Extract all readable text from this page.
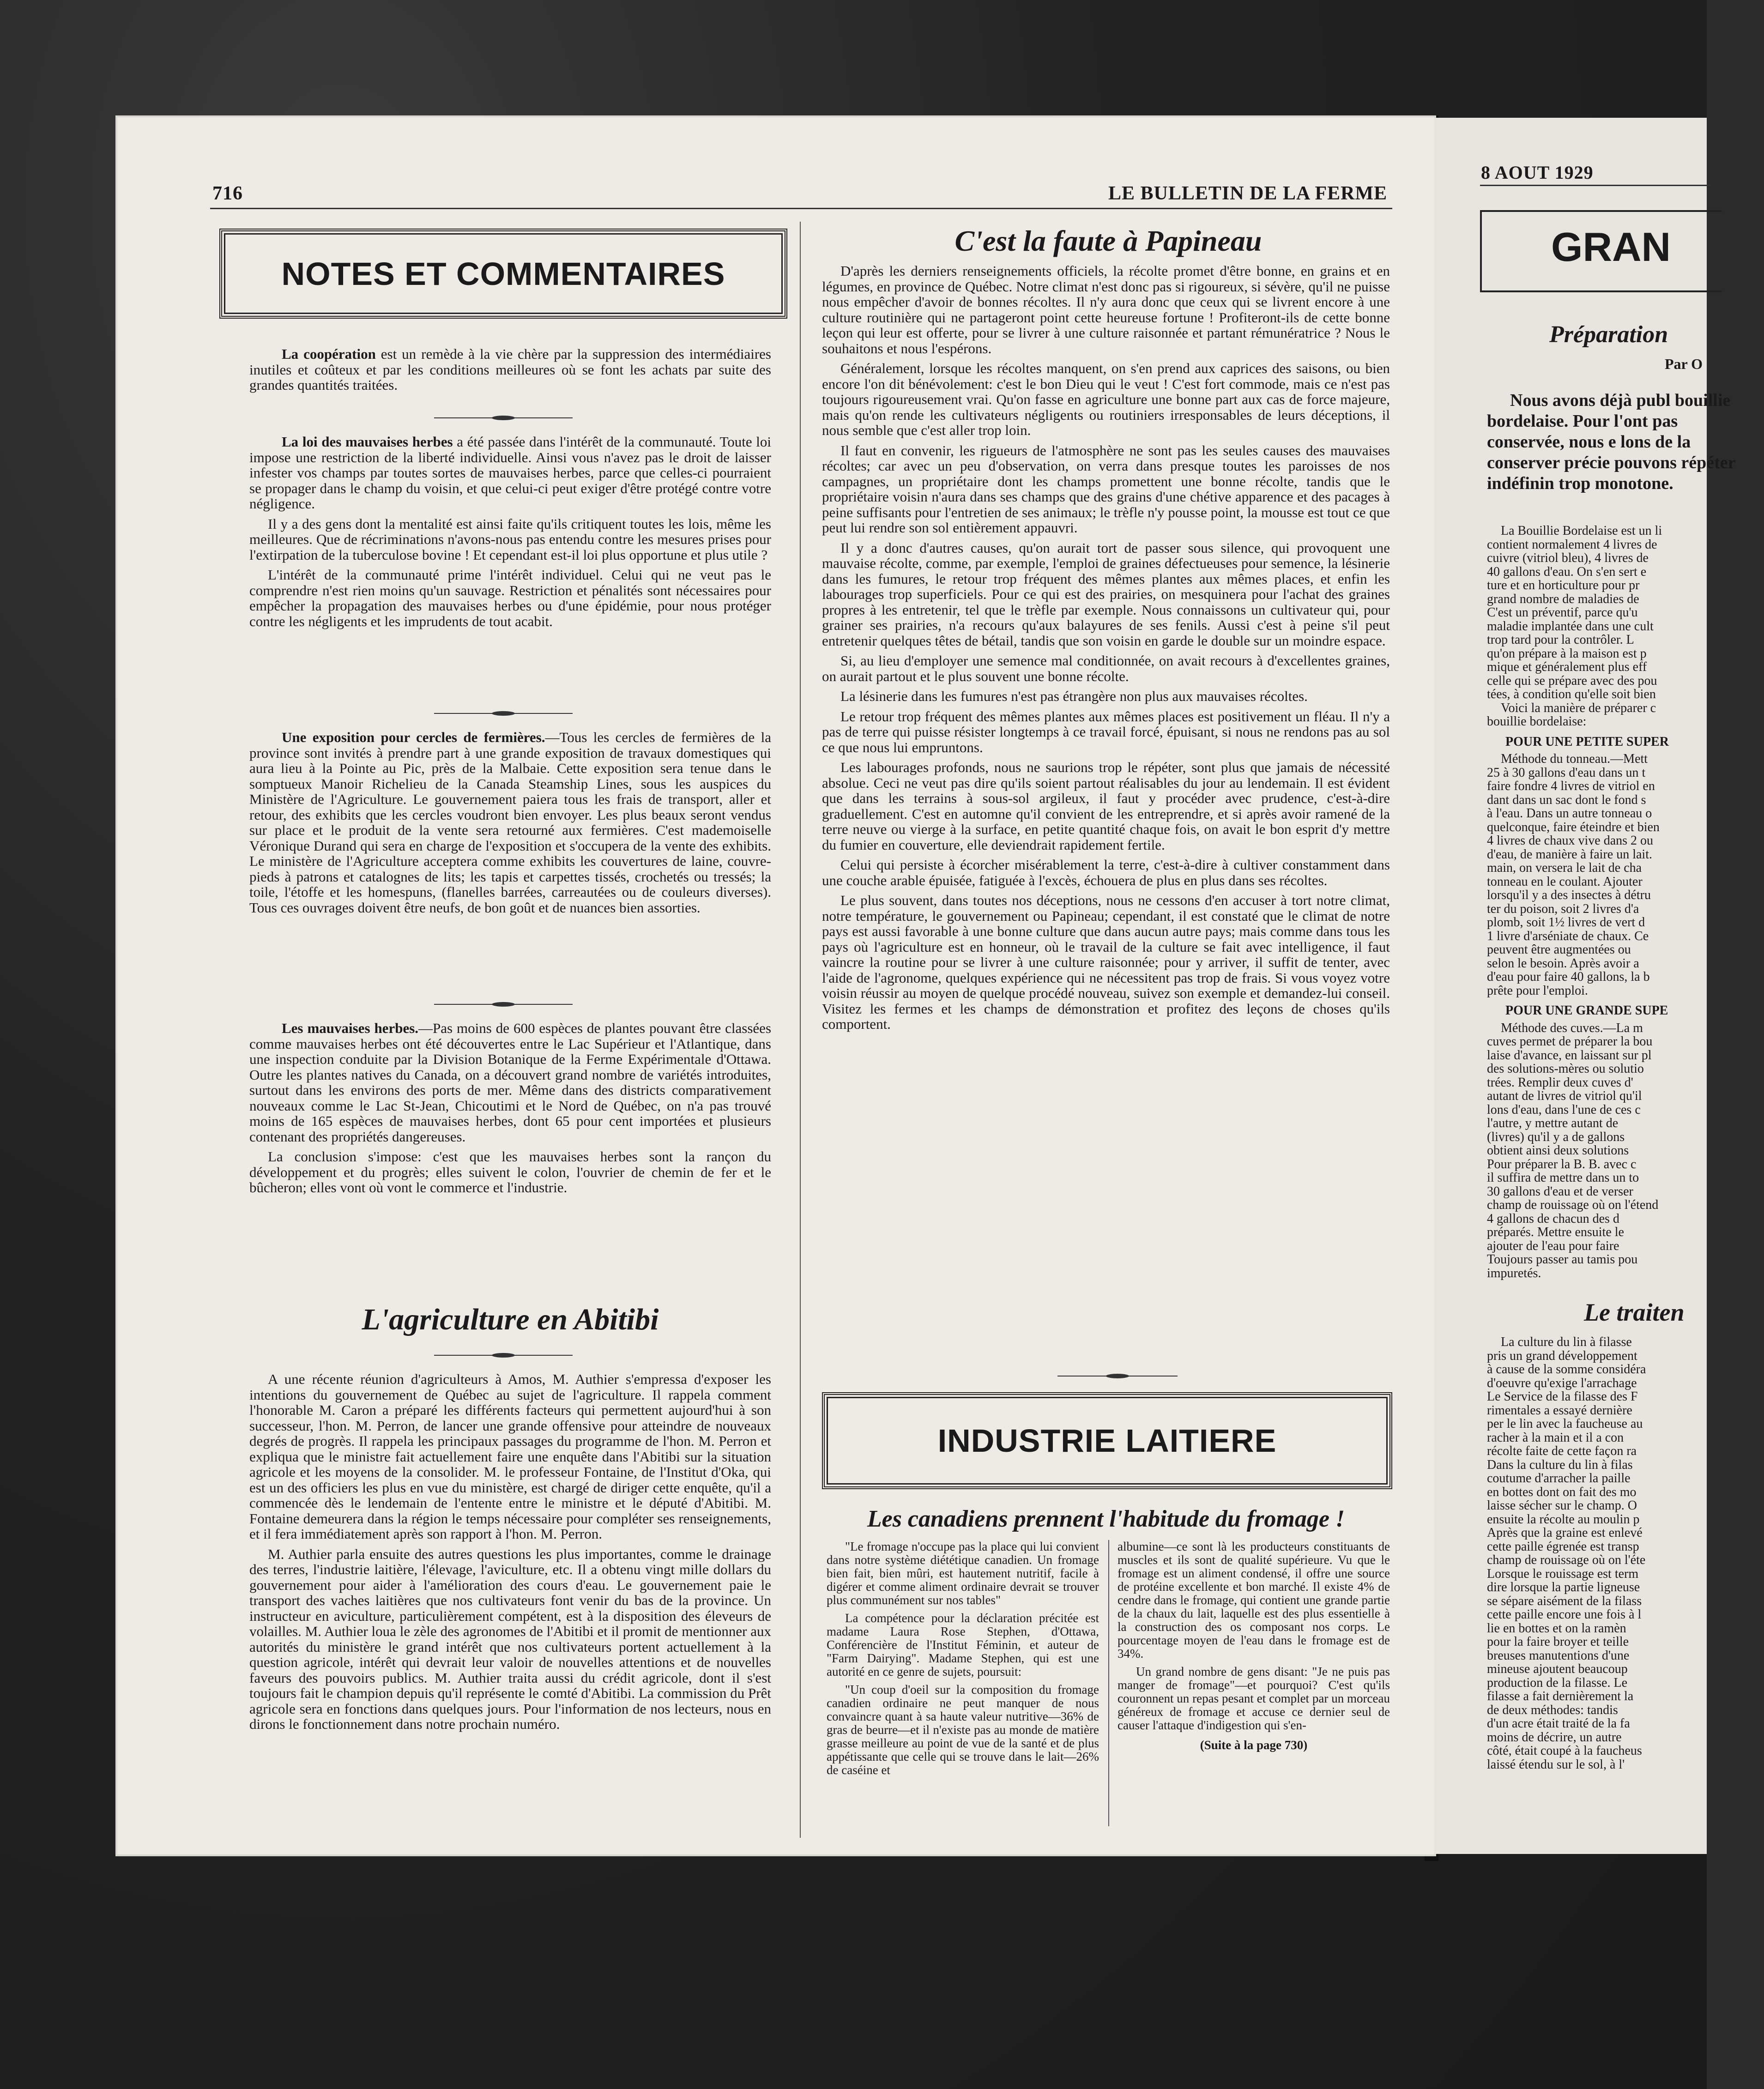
716	LE BULLETIN DE LA FERME
NOTES ET COMMENTAIRES

La coopération est un remède à la vie chère par la suppression des intermédiaires inutiles et coûteux et par les conditions meilleures où se font les achats par suite des grandes quantités traitées.

La loi des mauvaises herbes a été passée dans l'intérêt de la communauté. Toute loi impose une restriction de la liberté individuelle. Ainsi vous n'avez pas le droit de laisser infester vos champs par toutes sortes de mauvaises herbes, parce que celles-ci pourraient se propager dans le champ du voisin, et que celui-ci peut exiger d'être protégé contre votre négligence.

Il y a des gens dont la mentalité est ainsi faite qu'ils critiquent toutes les lois, même les meilleures. Que de récriminations n'avons-nous pas entendu contre les mesures prises pour l'extirpation de la tuberculose bovine ! Et cependant est-il loi plus opportune et plus utile ?

L'intérêt de la communauté prime l'intérêt individuel. Celui qui ne veut pas le comprendre n'est rien moins qu'un sauvage. Restriction et pénalités sont nécessaires pour empêcher la propagation des mauvaises herbes ou d'une épidémie, pour nous protéger contre les négligents et les imprudents de tout acabit.

Une exposition pour cercles de fermières.—Tous les cercles de fermières de la province sont invités à prendre part à une grande exposition de travaux domestiques qui aura lieu à la Pointe au Pic, près de la Malbaie. Cette exposition sera tenue dans le somptueux Manoir Richelieu de la Canada Steamship Lines, sous les auspices du Ministère de l'Agriculture. Le gouvernement paiera tous les frais de transport, aller et retour, des exhibits que les cercles voudront bien envoyer. Les plus beaux seront vendus sur place et le produit de la vente sera retourné aux fermières. C'est mademoiselle Véronique Durand qui sera en charge de l'exposition et s'occupera de la vente des exhibits. Le ministère de l'Agriculture acceptera comme exhibits les couvertures de laine, couvre-pieds à patrons et catalognes de lits; les tapis et carpettes tissés, crochetés ou tressés; la toile, l'étoffe et les homespuns, (flanelles barrées, carreautées ou de couleurs diverses). Tous ces ouvrages doivent être neufs, de bon goût et de nuances bien assorties.

Les mauvaises herbes.—Pas moins de 600 espèces de plantes pouvant être classées comme mauvaises herbes ont été découvertes entre le Lac Supérieur et l'Atlantique, dans une inspection conduite par la Division Botanique de la Ferme Expérimentale d'Ottawa. Outre les plantes natives du Canada, on a découvert grand nombre de variétés introduites, surtout dans les environs des ports de mer. Même dans des districts comparativement nouveaux comme le Lac St-Jean, Chicoutimi et le Nord de Québec, on n'a pas trouvé moins de 165 espèces de mauvaises herbes, dont 65 pour cent importées et plusieurs contenant des propriétés dangereuses.

La conclusion s'impose: c'est que les mauvaises herbes sont la rançon du développement et du progrès; elles suivent le colon, l'ouvrier de chemin de fer et le bûcheron; elles vont où vont le commerce et l'industrie.

L'agriculture en Abitibi

A une récente réunion d'agriculteurs à Amos, M. Authier s'empressa d'exposer les intentions du gouvernement de Québec au sujet de l'agriculture. Il rappela comment l'honorable M. Caron a préparé les différents facteurs qui permettent aujourd'hui à son successeur, l'hon. M. Perron, de lancer une grande offensive pour atteindre de nouveaux degrés de progrès. Il rappela les principaux passages du programme de l'hon. M. Perron et expliqua que le ministre fait actuellement faire une enquête dans l'Abitibi sur la situation agricole et les moyens de la consolider. M. le professeur Fontaine, de l'Institut d'Oka, qui est un des officiers les plus en vue du ministère, est chargé de diriger cette enquête, qu'il a commencée dès le lendemain de l'entente entre le ministre et le député d'Abitibi. M. Fontaine demeurera dans la région le temps nécessaire pour compléter ses renseignements, et il fera immédiatement après son rapport à l'hon. M. Perron.

M. Authier parla ensuite des autres questions les plus importantes, comme le drainage des terres, l'industrie laitière, l'élevage, l'aviculture, etc. Il a obtenu vingt mille dollars du gouvernement pour aider à l'amélioration des cours d'eau. Le gouvernement paie le transport des vaches laitières que nos cultivateurs font venir du bas de la province. Un instructeur en aviculture, particulièrement compétent, est à la disposition des éleveurs de volailles. M. Authier loua le zèle des agronomes de l'Abitibi et il promit de mentionner aux autorités du ministère le grand intérêt que nos cultivateurs portent actuellement à la question agricole, intérêt qui devrait leur valoir de nouvelles attentions et de nouvelles faveurs des pouvoirs publics. M. Authier traita aussi du crédit agricole, dont il s'est toujours fait le champion depuis qu'il représente le comté d'Abitibi. La commission du Prêt agricole sera en fonctions dans quelques jours. Pour l'information de nos lecteurs, nous en dirons le fonctionnement dans notre prochain numéro.

C'est la faute à Papineau

D'après les derniers renseignements officiels, la récolte promet d'être bonne, en grains et en légumes, en province de Québec. Notre climat n'est donc pas si rigoureux, si sévère, qu'il ne puisse nous empêcher d'avoir de bonnes récoltes. Il n'y aura donc que ceux qui se livrent encore à une culture routinière qui ne partageront point cette heureuse fortune ! Profiteront-ils de cette bonne leçon qui leur est offerte, pour se livrer à une culture raisonnée et partant rémunératrice ? Nous le souhaitons et nous l'espérons.

Généralement, lorsque les récoltes manquent, on s'en prend aux caprices des saisons, ou bien encore l'on dit bénévolement: c'est le bon Dieu qui le veut ! C'est fort commode, mais ce n'est pas toujours rigoureusement vrai. Qu'on fasse en agriculture une bonne part aux cas de force majeure, mais qu'on rende les cultivateurs négligents ou routiniers irresponsables de leurs déceptions, il nous semble que c'est aller trop loin.

Il faut en convenir, les rigueurs de l'atmosphère ne sont pas les seules causes des mauvaises récoltes; car avec un peu d'observation, on verra dans presque toutes les paroisses de nos campagnes, un propriétaire dont les champs promettent une bonne récolte, tandis que le propriétaire voisin n'aura dans ses champs que des grains d'une chétive apparence et des pacages à peine suffisants pour l'entretien de ses animaux; le trèfle n'y pousse point, la mousse est tout ce que peut lui rendre son sol entièrement appauvri.

Il y a donc d'autres causes, qu'on aurait tort de passer sous silence, qui provoquent une mauvaise récolte, comme, par exemple, l'emploi de graines défectueuses pour semence, la lésinerie dans les fumures, le retour trop fréquent des mêmes plantes aux mêmes places, et enfin les labourages trop superficiels. Pour ce qui est des prairies, on mesquinera pour l'achat des graines propres à les entretenir, tel que le trèfle par exemple. Nous connaissons un cultivateur qui, pour grainer ses prairies, n'a recours qu'aux balayures de ses fenils. Aussi c'est à peine s'il peut entretenir quelques têtes de bétail, tandis que son voisin en garde le double sur un moindre espace.

Si, au lieu d'employer une semence mal conditionnée, on avait recours à d'excellentes graines, on aurait partout et le plus souvent une bonne récolte.

La lésinerie dans les fumures n'est pas étrangère non plus aux mauvaises récoltes.

Le retour trop fréquent des mêmes plantes aux mêmes places est positivement un fléau. Il n'y a pas de terre qui puisse résister longtemps à ce travail forcé, épuisant, si nous ne rendons pas au sol ce que nous lui empruntons.

Les labourages profonds, nous ne saurions trop le répéter, sont plus que jamais de nécessité absolue. Ceci ne veut pas dire qu'ils soient partout réalisables du jour au lendemain. Il est évident que dans les terrains à sous-sol argileux, il faut y procéder avec prudence, c'est-à-dire graduellement. C'est en automne qu'il convient de les entreprendre, et si après avoir ramené de la terre neuve ou vierge à la surface, en petite quantité chaque fois, on avait le bon esprit d'y mettre du fumier en couverture, elle deviendrait rapidement fertile.

Celui qui persiste à écorcher misérablement la terre, c'est-à-dire à cultiver constamment dans une couche arable épuisée, fatiguée à l'excès, échouera de plus en plus dans ses récoltes.

Le plus souvent, dans toutes nos déceptions, nous ne cessons d'en accuser à tort notre climat, notre température, le gouvernement ou Papineau; cependant, il est constaté que le climat de notre pays est aussi favorable à une bonne culture que dans aucun autre pays; mais comme dans tous les pays où l'agriculture est en honneur, où le travail de la culture se fait avec intelligence, il faut vaincre la routine pour se livrer à une culture raisonnée; pour y arriver, il suffit de tenter, avec l'aide de l'agronome, quelques expérience qui ne nécessitent pas trop de frais. Si vous voyez votre voisin réussir au moyen de quelque procédé nouveau, suivez son exemple et demandez-lui conseil. Visitez les fermes et les champs de démonstration et profitez des leçons de choses qu'ils comportent.

INDUSTRIE LAITIERE
Les canadiens prennent l'habitude du fromage !

"Le fromage n'occupe pas la place qui lui convient dans notre système diététique canadien. Un fromage bien fait, bien mûri, est hautement nutritif, facile à digérer et comme aliment ordinaire devrait se trouver plus communément sur nos tables"

La compétence pour la déclaration précitée est madame Laura Rose Stephen, d'Ottawa, Conférencière de l'Institut Féminin, et auteur de "Farm Dairying". Madame Stephen, qui est une autorité en ce genre de sujets, poursuit:

"Un coup d'oeil sur la composition du fromage canadien ordinaire ne peut manquer de nous convaincre quant à sa haute valeur nutritive—36% de gras de beurre—et il n'existe pas au monde de matière grasse meilleure au point de vue de la santé et de plus appétissante que celle qui se trouve dans le lait—26% de caséine et

albumine—ce sont là les producteurs constituants de muscles et ils sont de qualité supérieure. Vu que le fromage est un aliment condensé, il offre une source de protéine excellente et bon marché. Il existe 4% de cendre dans le fromage, qui contient une grande partie de la chaux du lait, laquelle est des plus essentielle à la construction des os composant nos corps. Le pourcentage moyen de l'eau dans le fromage est de 34%.

Un grand nombre de gens disant: "Je ne puis pas manger de fromage"—et pourquoi? C'est qu'ils couronnent un repas pesant et complet par un morceau généreux de fromage et accuse ce dernier seul de causer l'attaque d'indigestion qui s'en-

(Suite à la page 730)

8 AOUT 1929
GRAN
Préparation
Par O
Nous avons déjà publ bouillie bordelaise. Pour l'ont pas conservée, nous e lons de la conserver précie pouvons répéter indéfinin trop monotone.
La Bouillie Bordelaise est un li
contient normalement 4 livres de
cuivre (vitriol bleu), 4 livres de
40 gallons d'eau. On s'en sert e
ture et en horticulture pour pr
grand nombre de maladies de
C'est un préventif, parce qu'u
maladie implantée dans une cult
trop tard pour la contrôler. L
qu'on prépare à la maison est p
mique et généralement plus eff
celle qui se prépare avec des pou
tées, à condition qu'elle soit bien
Voici la manière de préparer c
bouillie bordelaise:
POUR UNE PETITE SUPER
Méthode du tonneau.—Mett
25 à 30 gallons d'eau dans un t
faire fondre 4 livres de vitriol en
dant dans un sac dont le fond s
à l'eau. Dans un autre tonneau o
quelconque, faire éteindre et bien
4 livres de chaux vive dans 2 ou
d'eau, de manière à faire un lait.
main, on versera le lait de cha
tonneau en le coulant. Ajouter
lorsqu'il y a des insectes à détru
ter du poison, soit 2 livres d'a
plomb, soit 1½ livres de vert d
1 livre d'arséniate de chaux. Ce
peuvent être augmentées ou
selon le besoin. Après avoir a
d'eau pour faire 40 gallons, la b
prête pour l'emploi.
POUR UNE GRANDE SUPE
Méthode des cuves.—La m
cuves permet de préparer la bou
laise d'avance, en laissant sur pl
des solutions-mères ou solutio
trées. Remplir deux cuves d'
autant de livres de vitriol qu'il
lons d'eau, dans l'une de ces c
l'autre, y mettre autant de
(livres) qu'il y a de gallons
obtient ainsi deux solutions
Pour préparer la B. B. avec c
il suffira de mettre dans un to
30 gallons d'eau et de verser
champ de rouissage où on l'étend
4 gallons de chacun des d
préparés. Mettre ensuite le
ajouter de l'eau pour faire
Toujours passer au tamis pou
impuretés.
Le traiten
La culture du lin à filasse
pris un grand développement
à cause de la somme considéra
d'oeuvre qu'exige l'arrachage
Le Service de la filasse des F
rimentales a essayé dernière
per le lin avec la faucheuse au
racher à la main et il a con
récolte faite de cette façon ra
Dans la culture du lin à filas
coutume d'arracher la paille
en bottes dont on fait des mo
laisse sécher sur le champ. O
ensuite la récolte au moulin p
Après que la graine est enlevé
cette paille égrenée est transp
champ de rouissage où on l'éte
Lorsque le rouissage est term
dire lorsque la partie ligneuse
se sépare aisément de la filass
cette paille encore une fois à l
lie en bottes et on la ramèn
pour la faire broyer et teille
breuses manutentions d'une
mineuse ajoutent beaucoup
production de la filasse. Le
filasse a fait dernièrement la
de deux méthodes: tandis
d'un acre était traité de la fa
moins de décrire, un autre
côté, était coupé à la faucheus
laissé étendu sur le sol, à l'
